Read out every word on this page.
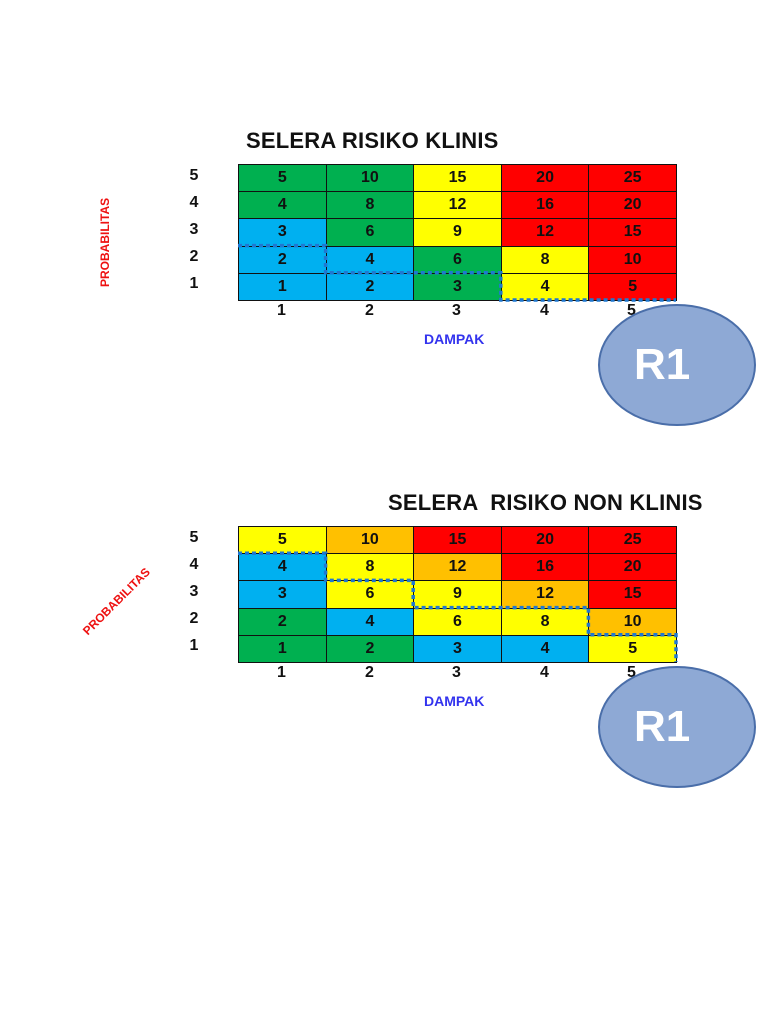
SELERA RISIKO KLINIS
PROBABILITAS
5
4
3
2
1
5	10	15	20	25
4	8	12	16	20
3	6	9	12	15
2	4	6	8	10
1	2	3	4	5
1	2	3	4	5
DAMPAK
R1
SELERA  RISIKO NON KLINIS
PROBABILITAS
5
4
3
2
1
5	10	15	20	25
4	8	12	16	20
3	6	9	12	15
2	4	6	8	10
1	2	3	4	5
1	2	3	4	5
DAMPAK
R1
